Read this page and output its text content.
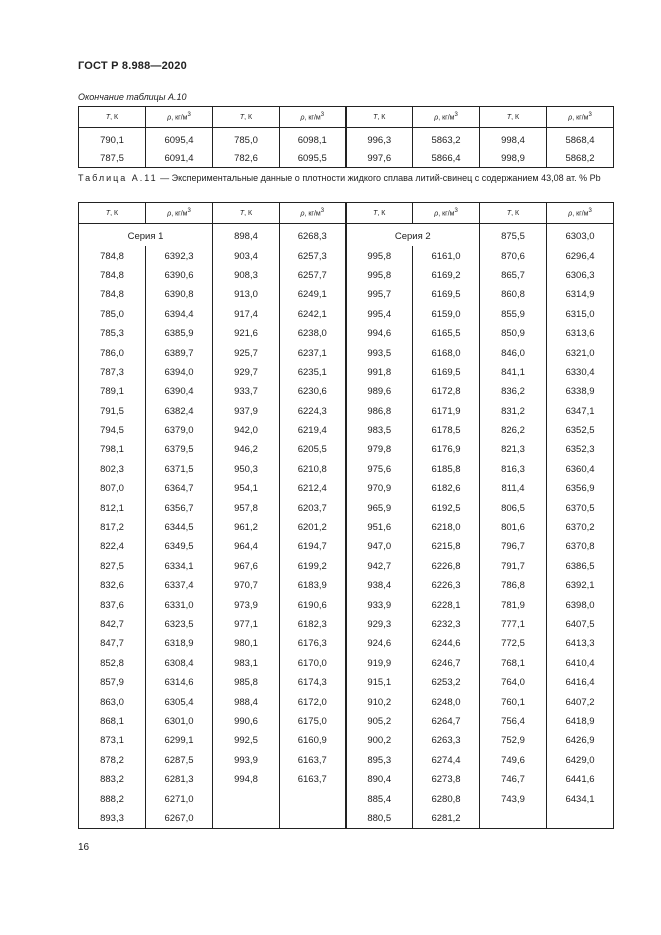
ГОСТ Р 8.988—2020
Окончание таблицы А.10
T, К	ρ, $кг/м^3$	T, К	ρ, $кг/м^3$	T, К	ρ, $кг/м^3$	T, К	ρ, $кг/м^3$
790,1	6095,4	785,0	6098,1	996,3	5863,2	998,4	5868,4
787,5	6091,4	782,6	6095,5	997,6	5866,4	998,9	5868,2
Таблица А.11 — Экспериментальные данные о плотности жидкого сплава литий-свинец с содержанием 43,08 ат. % Pb
T, К	ρ, $кг/м^3$	T, К	ρ, $кг/м^3$	T, К	ρ, $кг/м^3$	T, К	ρ, $кг/м^3$
Серия 1		898,4	6268,3	Серия 2		875,5	6303,0
784,8	6392,3	903,4	6257,3	995,8	6161,0	870,6	6296,4
784,8	6390,6	908,3	6257,7	995,8	6169,2	865,7	6306,3
784,8	6390,8	913,0	6249,1	995,7	6169,5	860,8	6314,9
785,0	6394,4	917,4	6242,1	995,4	6159,0	855,9	6315,0
785,3	6385,9	921,6	6238,0	994,6	6165,5	850,9	6313,6
786,0	6389,7	925,7	6237,1	993,5	6168,0	846,0	6321,0
787,3	6394,0	929,7	6235,1	991,8	6169,5	841,1	6330,4
789,1	6390,4	933,7	6230,6	989,6	6172,8	836,2	6338,9
791,5	6382,4	937,9	6224,3	986,8	6171,9	831,2	6347,1
794,5	6379,0	942,0	6219,4	983,5	6178,5	826,2	6352,5
798,1	6379,5	946,2	6205,5	979,8	6176,9	821,3	6352,3
802,3	6371,5	950,3	6210,8	975,6	6185,8	816,3	6360,4
807,0	6364,7	954,1	6212,4	970,9	6182,6	811,4	6356,9
812,1	6356,7	957,8	6203,7	965,9	6192,5	806,5	6370,5
817,2	6344,5	961,2	6201,2	951,6	6218,0	801,6	6370,2
822,4	6349,5	964,4	6194,7	947,0	6215,8	796,7	6370,8
827,5	6334,1	967,6	6199,2	942,7	6226,8	791,7	6386,5
832,6	6337,4	970,7	6183,9	938,4	6226,3	786,8	6392,1
837,6	6331,0	973,9	6190,6	933,9	6228,1	781,9	6398,0
842,7	6323,5	977,1	6182,3	929,3	6232,3	777,1	6407,5
847,7	6318,9	980,1	6176,3	924,6	6244,6	772,5	6413,3
852,8	6308,4	983,1	6170,0	919,9	6246,7	768,1	6410,4
857,9	6314,6	985,8	6174,3	915,1	6253,2	764,0	6416,4
863,0	6305,4	988,4	6172,0	910,2	6248,0	760,1	6407,2
868,1	6301,0	990,6	6175,0	905,2	6264,7	756,4	6418,9
873,1	6299,1	992,5	6160,9	900,2	6263,3	752,9	6426,9
878,2	6287,5	993,9	6163,7	895,3	6274,4	749,6	6429,0
883,2	6281,3	994,8	6163,7	890,4	6273,8	746,7	6441,6
888,2	6271,0			885,4	6280,8	743,9	6434,1
893,3	6267,0			880,5	6281,2		
16
